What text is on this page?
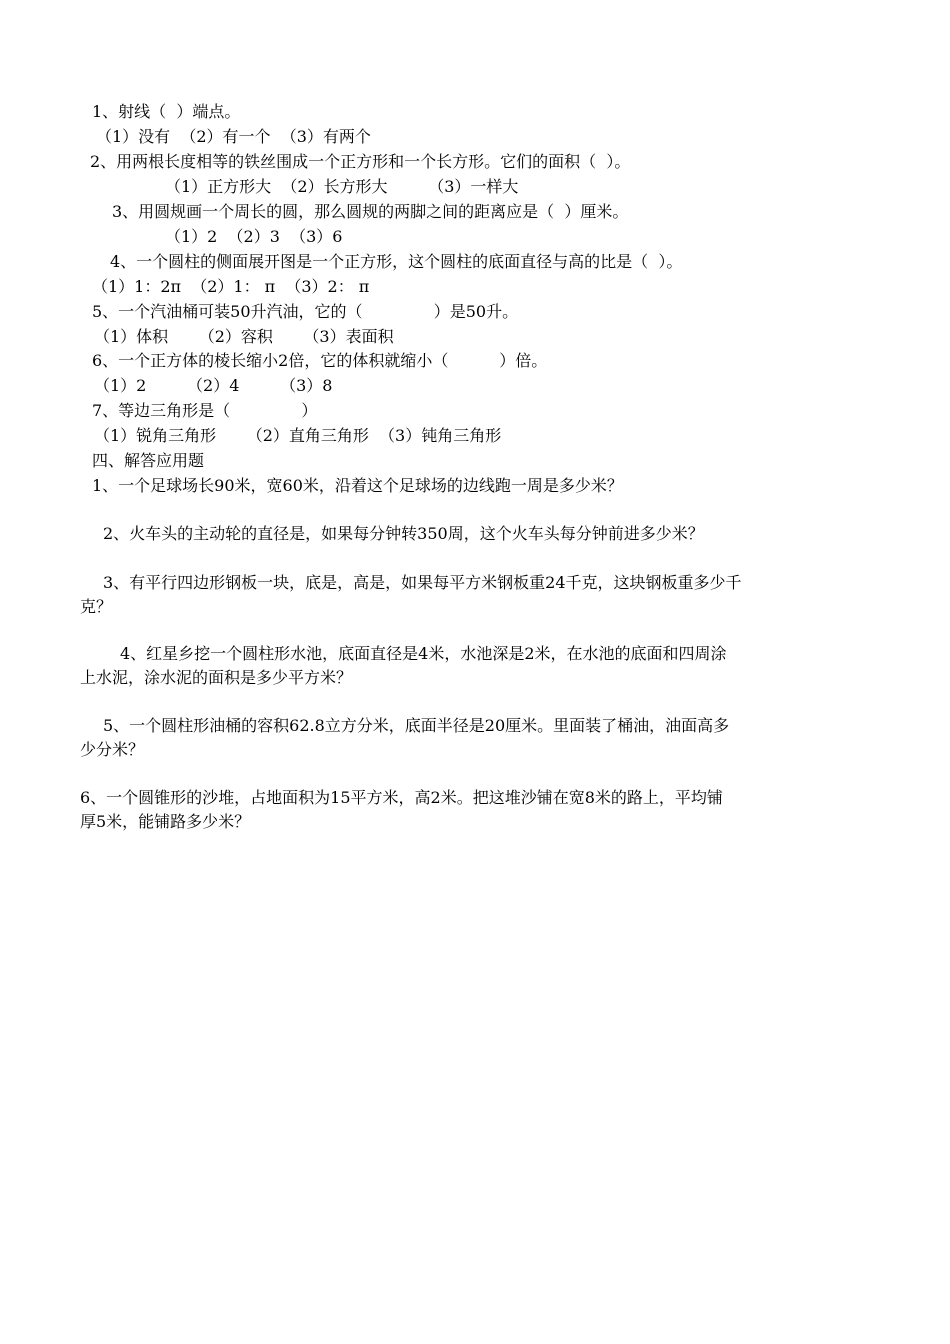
1、射线（  ）端点。
（1）没有  （2）有一个  （3）有两个
2、用两根长度相等的铁丝围成一个正方形和一个长方形。它们的面积（  ）。
（1）正方形大  （2）长方形大        （3）一样大
3、用圆规画一个周长的圆，那么圆规的两脚之间的距离应是（  ）厘米。
（1）2  （2）3  （3）6
4、一个圆柱的侧面展开图是一个正方形，这个圆柱的底面直径与高的比是（  ）。
（1）1：2π  （2）1： π  （3）2： π
5、一个汽油桶可装50升汽油，它的（              ）是50升。
（1）体积      （2）容积      （3）表面积
6、一个正方体的棱长缩小2倍，它的体积就缩小（          ）倍。
（1）2        （2）4        （3）8
7、等边三角形是（              ）
（1）锐角三角形      （2）直角三角形  （3）钝角三角形
四、解答应用题
1、一个足球场长90米，宽60米，沿着这个足球场的边线跑一周是多少米？
2、火车头的主动轮的直径是，如果每分钟转350周，这个火车头每分钟前进多少米？
3、有平行四边形钢板一块，底是，高是，如果每平方米钢板重24千克，这块钢板重多少千
克？
4、红星乡挖一个圆柱形水池，底面直径是4米，水池深是2米，在水池的底面和四周涂
上水泥，涂水泥的面积是多少平方米？
5、一个圆柱形油桶的容积62.8立方分米，底面半径是20厘米。里面装了桶油，油面高多
少分米？
6、一个圆锥形的沙堆，占地面积为15平方米，高2米。把这堆沙铺在宽8米的路上，平均铺
厚5米，能铺路多少米？
